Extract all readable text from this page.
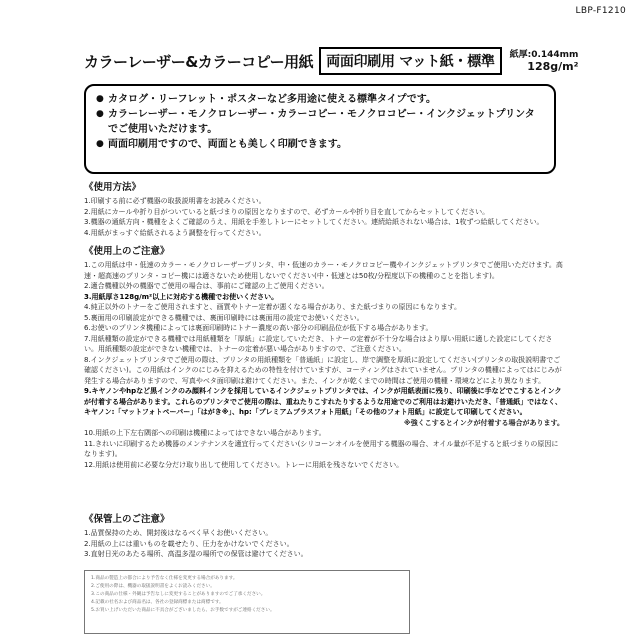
LBP-F1210
カラーレーザー&カラーコピー用紙 両面印刷用 マット紙・標準	紙厚:0.144mm
128g/m²
● カタログ・リーフレット・ポスターなど多用途に使える標準タイプです。
● カラーレーザー・モノクロレーザー・カラーコピー・モノクロコピー・インクジェットプリンタでご使用いただけます。
● 両面印刷用ですので、両面とも美しく印刷できます。
《使用方法》
1.印刷する前に必ず機器の取扱説明書をお読みください。
2.用紙にカールや折り目がついていると紙づまりの原因となりますので、必ずカールや折り目を直してからセットしてください。
3.機器の通紙方向・機種をよくご確認のうえ、用紙を手差しトレーにセットしてください。連続給紙されない場合は、1枚ずつ給紙してください。
4.用紙がまっすぐ給紙されるよう調整を行ってください。
《使用上のご注意》
1.この用紙は中・低速のカラー・モノクロレーザープリンタ、中・低速のカラー・モノクロコピー機やインクジェットプリンタでご使用いただけます。高速・超高速のプリンタ・コピー機には適さないため使用しないでください(中・低速とは50枚/分程度以下の機種のことを指します)。
2.適合機種以外の機器でご使用の場合は、事前にご確認の上ご使用ください。
3.用紙厚さ128g/m²以上に対応する機種でお使いください。
4.純正以外のトナーをご使用されますと、画質やトナー定着が悪くなる場合があり、また紙づまりの原因にもなります。
5.裏面用の印刷設定ができる機種では、裏面印刷時には裏面用の設定でお使いください。
6.お使いのプリンタ機種によっては裏面印刷時にトナー濃度の高い部分の印刷品位が低下する場合があります。
7.用紙種類の設定ができる機種では用紙種類を「厚紙」に設定していただき、トナーの定着が不十分な場合はより厚い用紙に適した設定にしてください。用紙種類の設定ができない機種では、トナーの定着が悪い場合がありますので、ご注意ください。
8.インクジェットプリンタでご使用の際は、プリンタの用紙種類を「普通紙」に設定し、岸で調整を厚紙に設定してください(プリンタの取扱説明書でご確認ください)。この用紙はインクのにじみを抑えるための特性を付けていますが、コーティングはされていません。プリンタの機種によってはにじみが発生する場合がありますので、写真やベタ面印刷は避けてください。また、インクが乾くまでの時間はご使用の機種・環境などにより異なります。
9.キヤノンやhpなど黒インクのみ顔料インクを採用しているインクジェットプリンタでは、インクが用紙表面に残り、印刷後に手などでこするとインクが付着する場合があります。これらのプリンタでご使用の際は、重ねたりこすれたりするような用途でのご利用はお避けいただき、「普通紙」ではなく、キヤノン:「マットフォトペーパー」「はがき※」、hp:「プレミアムプラスフォト用紙」「その他のフォト用紙」に設定して印刷してください。
※強くこするとインクが付着する場合があります。
10.用紙の上下左右隅部への印刷は機種によってはできない場合があります。
11.きれいに印刷するため機器のメンテナンスを適宜行ってください(シリコーンオイルを使用する機器の場合、オイル量が不足すると紙づまりの原因になります)。
12.用紙は使用前に必要な分だけ取り出して使用してください。トレーに用紙を残さないでください。
《保管上のご注意》
1.品質保持のため、開封後はなるべく早くお使いください。
2.用紙の上には重いものを載せたり、圧力をかけないでください。
3.直射日光のあたる場所、高温多湿の場所での保管は避けてください。
1.商品の製造上の都合により予告なく仕様を変更する場合があります。
2.ご使用の際は、機器の取扱説明書をよくお読みください。
3.この商品の仕様・外観は予告なしに変更することがありますのでご了承ください。
4.記載の社名および商品名は、各社の登録商標または商標です。
5.お買い上げいただいた商品に不具合がございましたら、お手数ですがご連絡ください。
